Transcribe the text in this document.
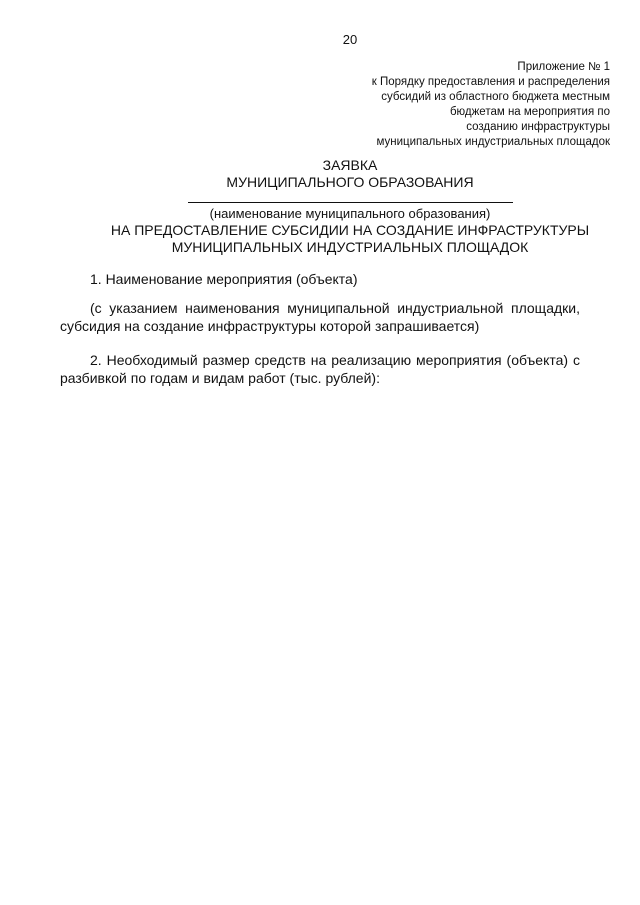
20
Приложение № 1
к Порядку предоставления и распределения
субсидий из областного бюджета местным
бюджетам на мероприятия по
созданию инфраструктуры
муниципальных индустриальных площадок
ЗАЯВКА
МУНИЦИПАЛЬНОГО ОБРАЗОВАНИЯ
(наименование муниципального образования)
НА ПРЕДОСТАВЛЕНИЕ СУБСИДИИ НА СОЗДАНИЕ ИНФРАСТРУКТУРЫ
МУНИЦИПАЛЬНЫХ ИНДУСТРИАЛЬНЫХ ПЛОЩАДОК
1. Наименование мероприятия (объекта)
(с указанием наименования муниципальной индустриальной площадки, субсидия на создание инфраструктуры которой запрашивается)
2. Необходимый размер средств на реализацию мероприятия (объекта) с разбивкой по годам и видам работ (тыс. рублей):
